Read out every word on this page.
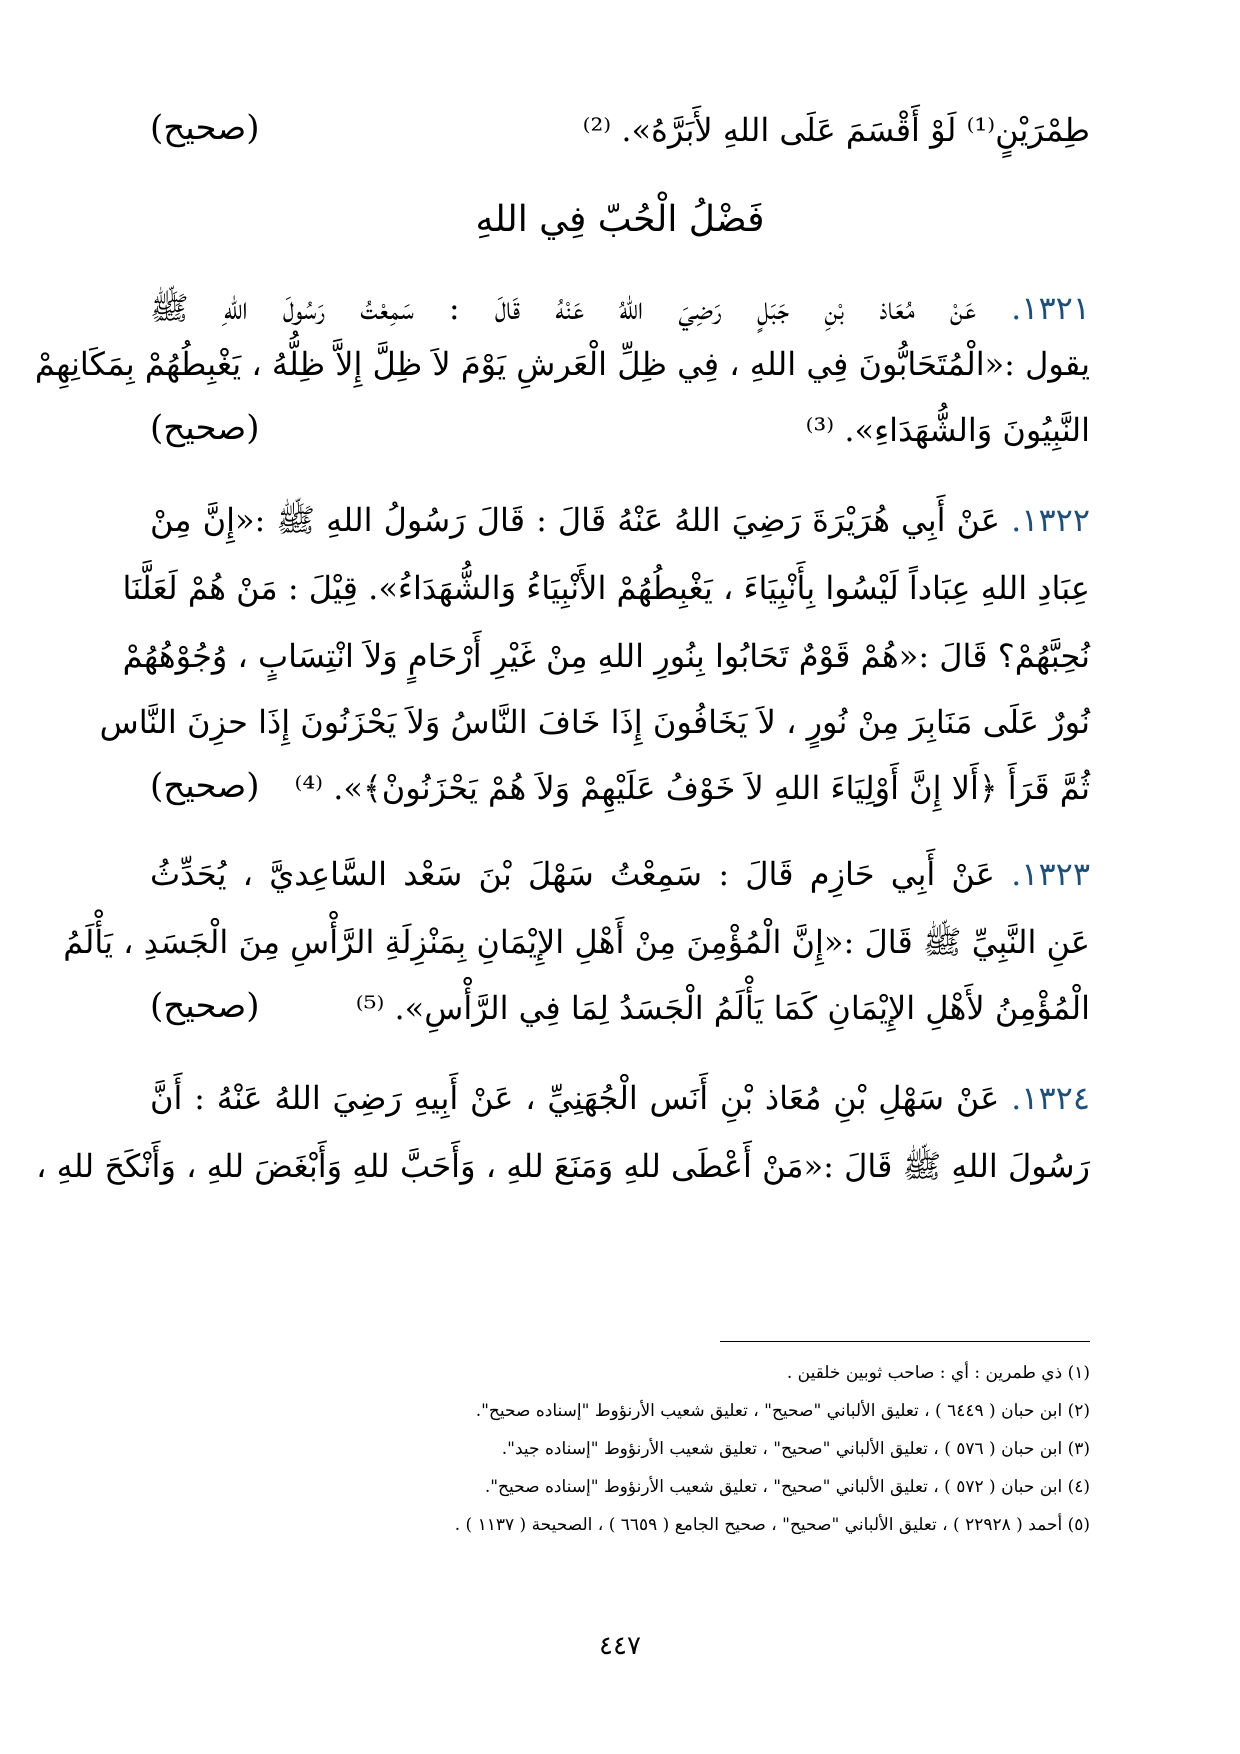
طِمْرَيْنٍ⁽¹⁾ لَوْ أَقْسَمَ عَلَى اللهِ لأَبَرَّهُ». ⁽²⁾
(صحيح)
فَضْلُ الْحُبّ فِي اللهِ
١٣٢١. عَنْ مُعَاذ بْنِ جَبَلٍ رَضِيَ اللهُ عَنْهُ قَالَ : سَمِعْتُ رَسُولَ اللهِ ﷺ
يقول :«الْمُتَحَابُّونَ فِي اللهِ ، فِي ظِلِّ الْعَرشِ يَوْمَ لاَ ظِلَّ إِلاَّ ظِلُّهُ ، يَغْبِطُهُمْ بِمَكَانِهِمْ
النَّبِيُونَ وَالشُّهَدَاءِ». ⁽³⁾
(صحيح)
١٣٢٢. عَنْ أَبِي هُرَيْرَةَ رَضِيَ اللهُ عَنْهُ قَالَ : قَالَ رَسُولُ اللهِ ﷺ :«إِنَّ مِنْ
عِبَادِ اللهِ عِبَاداً لَيْسُوا بِأَنْبِيَاءَ ، يَغْبِطُهُمْ الأَنْبِيَاءُ وَالشُّهَدَاءُ». قِيْلَ : مَنْ هُمْ لَعَلَّنَا
نُحِبَّهُمْ؟ قَالَ :«هُمْ قَوْمٌ تَحَابُوا بِنُورِ اللهِ مِنْ غَيْرِ أَرْحَامٍ وَلاَ انْتِسَابٍ ، وُجُوْهُهُمْ
نُورٌ عَلَى مَنَابِرَ مِنْ نُورٍ ، لاَ يَخَافُونَ إِذَا خَافَ النَّاسُ وَلاَ يَحْزَنُونَ إِذَا حزِنَ النَّاس
ثُمَّ قَرَأَ ﴿أَلا إِنَّ أَوْلِيَاءَ اللهِ لاَ خَوْفُ عَلَيْهِمْ وَلاَ هُمْ يَحْزَنُونْ﴾». ⁽⁴⁾
(صحيح)
١٣٢٣. عَنْ أَبِي حَازِم قَالَ : سَمِعْتُ سَهْلَ بْنَ سَعْد السَّاعِديَّ ، يُحَدِّثُ
عَنِ النَّبِيِّ ﷺ قَالَ :«إِنَّ الْمُؤْمِنَ مِنْ أَهْلِ الإِيْمَانِ بِمَنْزِلَةِ الرَّأْسِ مِنَ الْجَسَدِ ، يَأْلَمُ
الْمُؤْمِنُ لأَهْلِ الإِيْمَانِ كَمَا يَأْلَمُ الْجَسَدُ لِمَا فِي الرَّأْسِ». ⁽⁵⁾
(صحيح)
١٣٢٤. عَنْ سَهْلِ بْنِ مُعَاذ بْنِ أَنَس الْجُهَنِيِّ ، عَنْ أَبِيهِ رَضِيَ اللهُ عَنْهُ : أَنَّ
رَسُولَ اللهِ ﷺ قَالَ :«مَنْ أَعْطَى للهِ وَمَنَعَ للهِ ، وَأَحَبَّ للهِ وَأَبْغَضَ للهِ ، وَأَنْكَحَ للهِ ،
(١) ذي طمرين : أي : صاحب ثوبين خلقين .
(٢) ابن حبان ( ٦٤٤٩ ) ، تعليق الألباني "صحيح" ، تعليق شعيب الأرنؤوط "إسناده صحيح".
(٣) ابن حبان ( ٥٧٦ ) ، تعليق الألباني "صحيح" ، تعليق شعيب الأرنؤوط "إسناده جيد".
(٤) ابن حبان ( ٥٧٢ ) ، تعليق الألباني "صحيح" ، تعليق شعيب الأرنؤوط "إسناده صحيح".
(٥) أحمد ( ٢٢٩٢٨ ) ، تعليق الألباني "صحيح" ، صحيح الجامع ( ٦٦٥٩ ) ، الصحيحة ( ١١٣٧ ) .
٤٤٧
